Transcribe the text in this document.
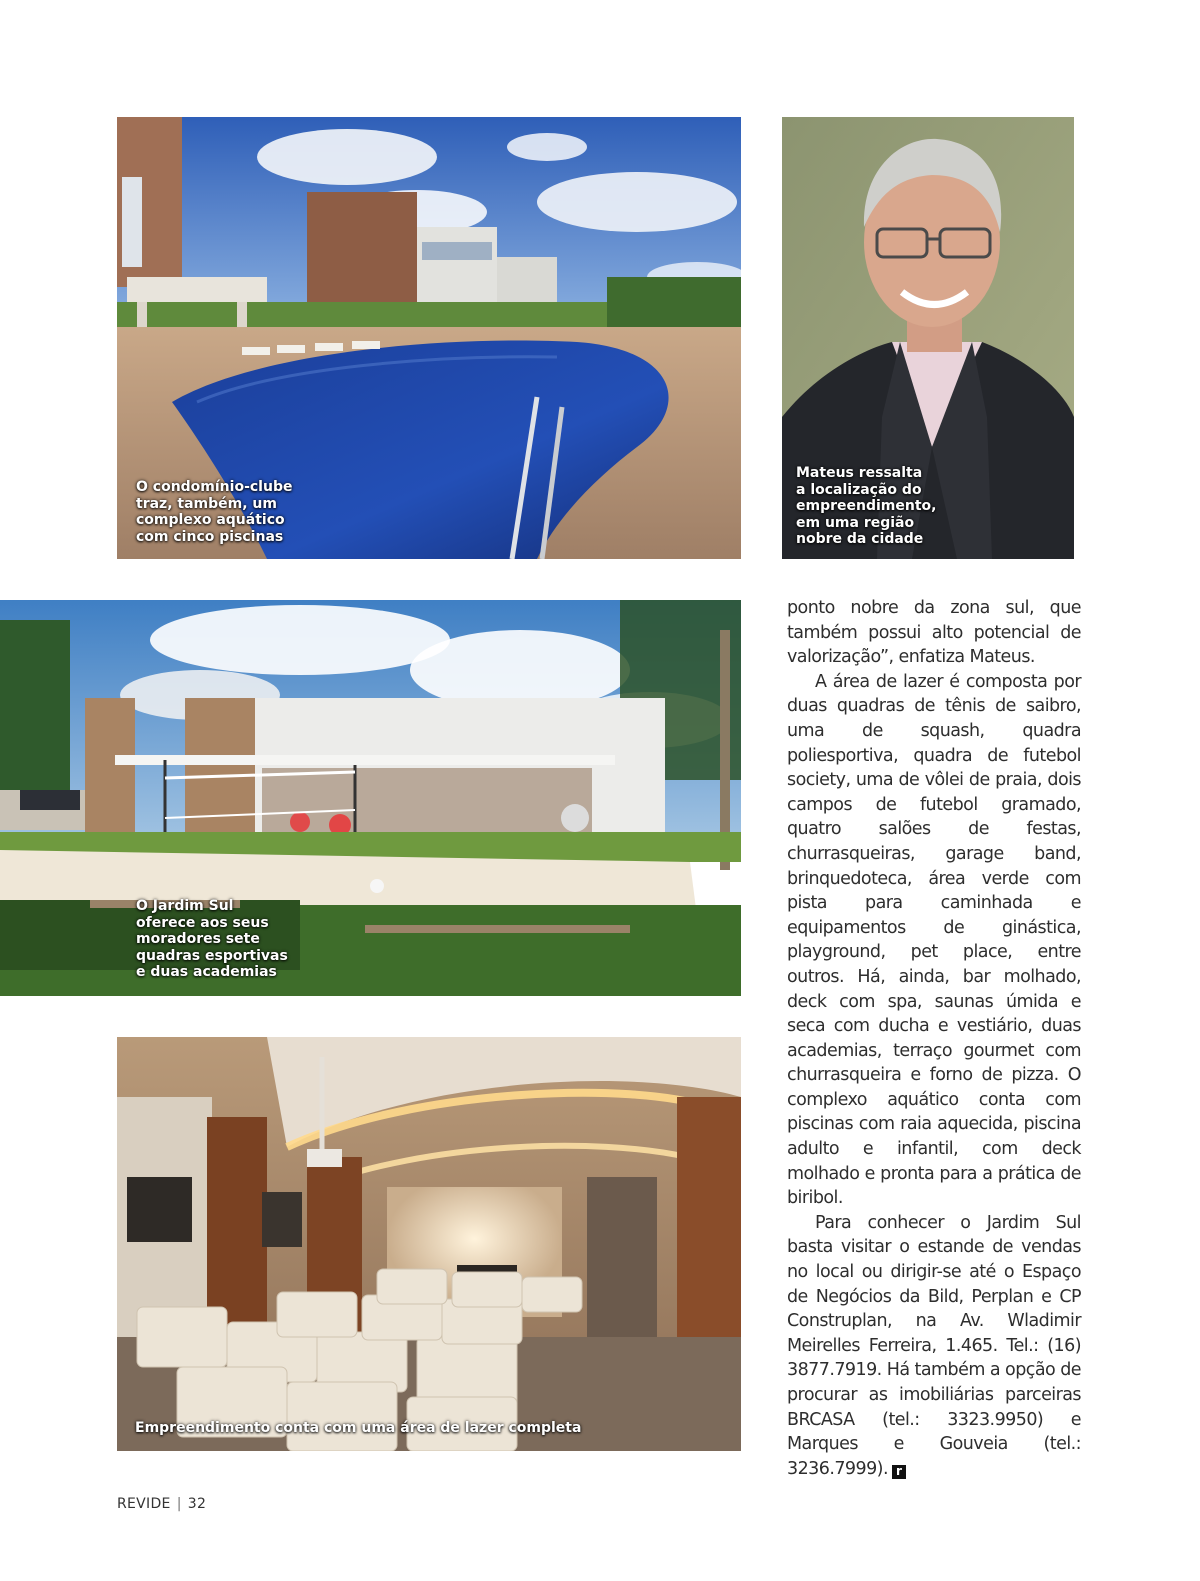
O condomínio-clube
traz, também, um
complexo aquático
com cinco piscinas
Mateus ressalta
a localização do
empreendimento,
em uma região
nobre da cidade
O Jardim Sul
oferece aos seus
moradores sete
quadras esportivas
e duas academias
Empreendimento conta com uma área de lazer completa

ponto nobre da zona sul, que também possui alto potencial de valorização”, enfatiza Mateus.

A área de lazer é composta por duas quadras de tênis de saibro, uma de squash, quadra poliesportiva, quadra de futebol society, uma de vôlei de praia, dois campos de futebol gramado, quatro salões de festas, churrasqueiras, garage band, brinquedoteca, área verde com pista para caminhada e equipamentos de ginástica, playground, pet place, entre outros. Há, ainda, bar molhado, deck com spa, saunas úmida e seca com ducha e vestiário, duas academias, terraço gourmet com churrasqueira e forno de pizza. O complexo aquático conta com piscinas com raia aquecida, piscina adulto e infantil, com deck molhado e pronta para a prática de biribol.

Para conhecer o Jardim Sul basta visitar o estande de vendas no local ou dirigir-se até o Espaço de Negócios da Bild, Perplan e CP Construplan, na Av. Wladimir Meirelles Ferreira, 1.465. Tel.: (16) 3877.7919. Há também a opção de procurar as imobiliárias parceiras BRCASA (tel.: 3323.9950) e Marques e Gouveia (tel.: 3236.7999). r

REVIDE | 32
